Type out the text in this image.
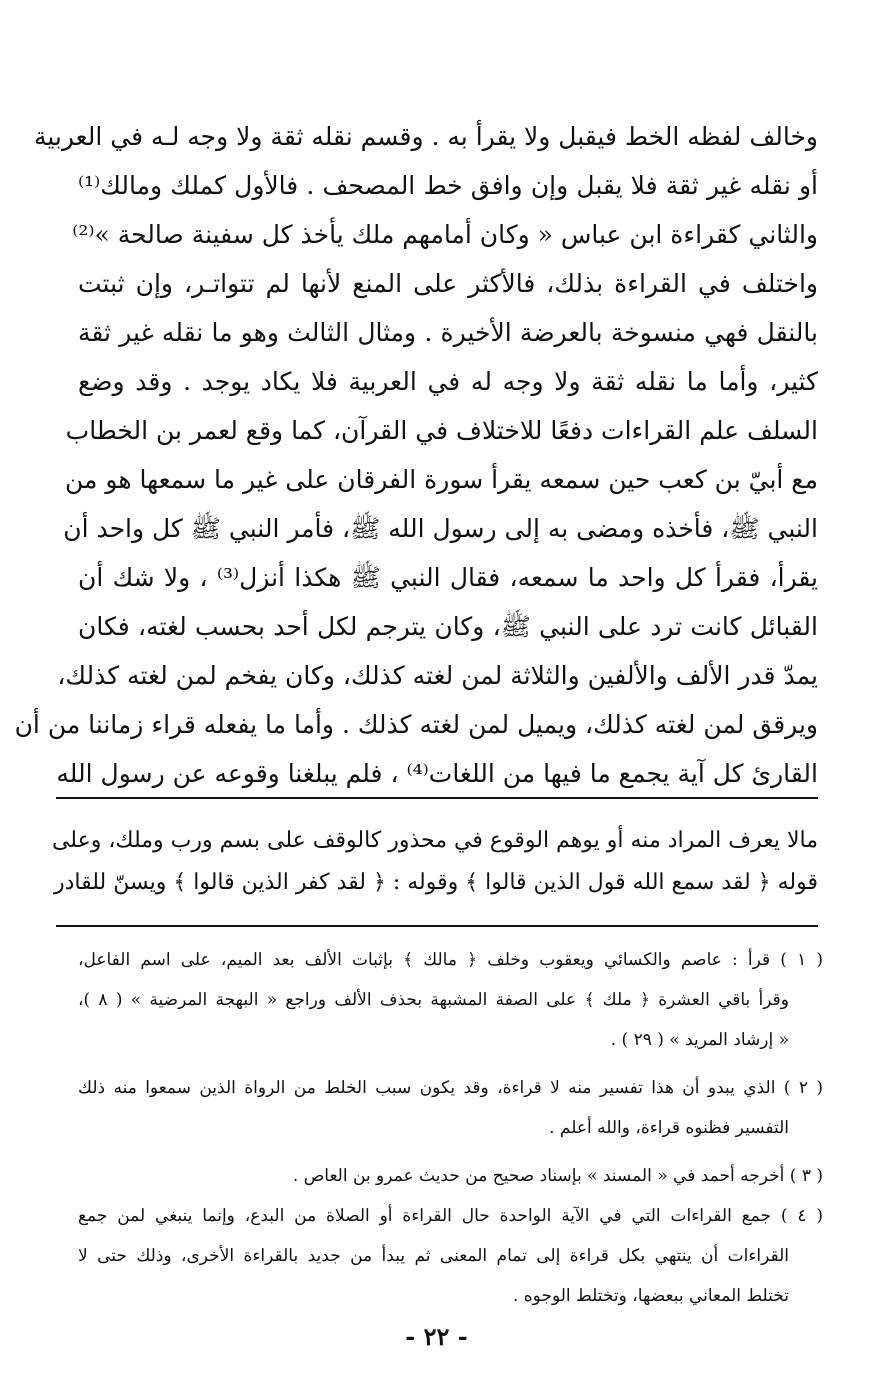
وخالف لفظه الخط فيقبل ولا يقرأ به . وقسم نقله ثقة ولا وجه لـه في العربية
أو نقله غير ثقة فلا يقبل وإن وافق خط المصحف . فالأول كملك ومالك⁽¹⁾
والثاني كقراءة ابن عباس « وكان أمامهم ملك يأخذ كل سفينة صالحة »⁽²⁾
واختلف في القراءة بذلك، فالأكثر على المنع لأنها لم تتواتـر، وإن ثبتت
بالنقل فهي منسوخة بالعرضة الأخيرة . ومثال الثالث وهو ما نقله غير ثقة
كثير، وأما ما نقله ثقة ولا وجه له في العربية فلا يكاد يوجد . وقد وضع
السلف علم القراءات دفعًا للاختلاف في القرآن، كما وقع لعمر بن الخطاب
مع أبيّ بن كعب حين سمعه يقرأ سورة الفرقان على غير ما سمعها هو من
النبي ﷺ، فأخذه ومضى به إلى رسول الله ﷺ، فأمر النبي ﷺ كل واحد أن
يقرأ، فقرأ كل واحد ما سمعه، فقال النبي ﷺ هكذا أنزل⁽³⁾ ، ولا شك أن
القبائل كانت ترد على النبي ﷺ، وكان يترجم لكل أحد بحسب لغته، فكان
يمدّ قدر الألف والألفين والثلاثة لمن لغته كذلك، وكان يفخم لمن لغته كذلك،
ويرقق لمن لغته كذلك، ويميل لمن لغته كذلك . وأما ما يفعله قراء زماننا من أن
القارئ كل آية يجمع ما فيها من اللغات⁽⁴⁾ ، فلم يبلغنا وقوعه عن رسول الله
مالا يعرف المراد منه أو يوهم الوقوع في محذور كالوقف على بسم ورب وملك، وعلى
قوله ﴿ لقد سمع الله قول الذين قالوا ﴾ وقوله : ﴿ لقد كفر الذين قالوا ﴾ ويسنّ للقادر
( ١ ) قرأ : عاصم والكسائي ويعقوب وخلف ﴿ مالك ﴾ بإثبات الألف بعد الميم، على اسم الفاعل،
وقرأ باقي العشرة ﴿ ملك ﴾ على الصفة المشبهة بحذف الألف وراجع « البهجة المرضية » ( ٨ )،
« إرشاد المريد » ( ٢٩ ) .
( ٢ ) الذي يبدو أن هذا تفسير منه لا قراءة، وقد يكون سبب الخلط من الرواة الذين سمعوا منه ذلك
التفسير فظنوه قراءة، والله أعلم .
( ٣ ) أخرجه أحمد في « المسند » بإسناد صحيح من حديث عمرو بن العاص .
( ٤ ) جمع القراءات التي في الآية الواحدة حال القراءة أو الصلاة من البدع، وإنما ينبغي لمن جمع
القراءات أن ينتهي بكل قراءة إلى تمام المعنى ثم يبدأ من جديد بالقراءة الأخرى، وذلك حتى لا
تختلط المعاني ببعضها، وتختلط الوجوه .
- ٢٢ -
